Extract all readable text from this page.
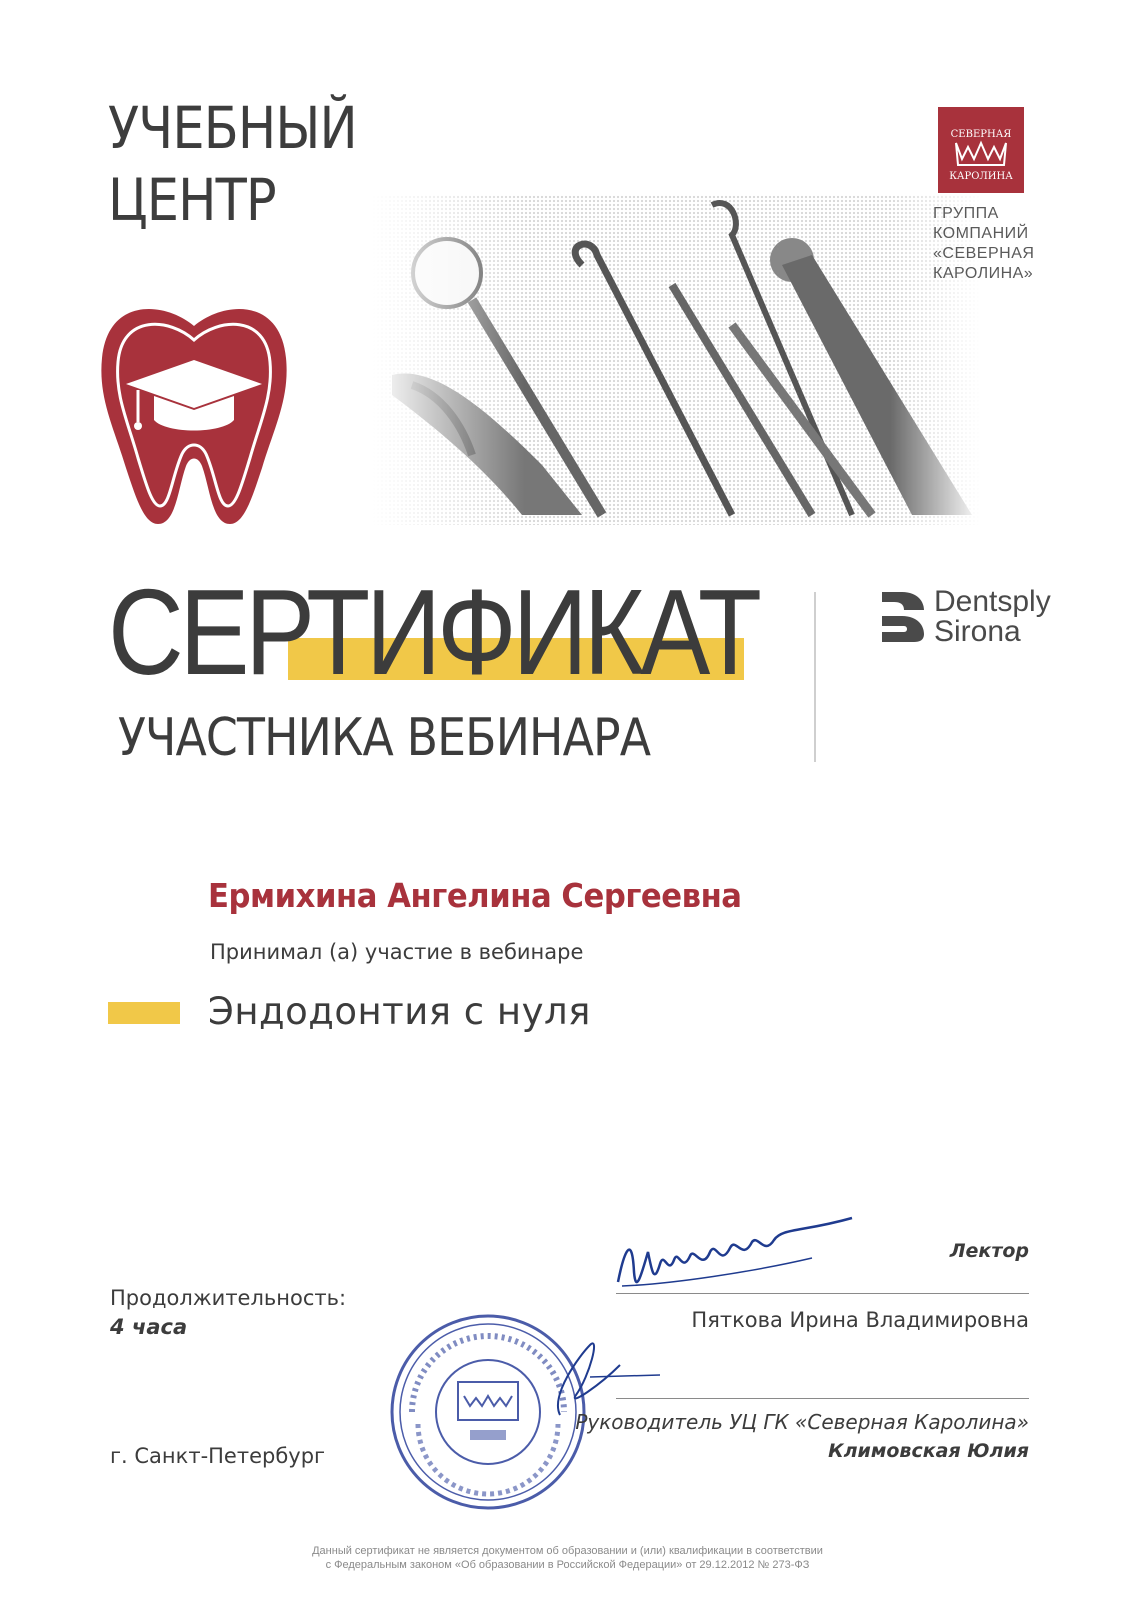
УЧЕБНЫЙ
ЦЕНТР
СЕВЕРНАЯ
КАРОЛИНА
ГРУППА
КОМПАНИЙ
«СЕВЕРНАЯ
КАРОЛИНА»
СЕРТИФИКАТ
УЧАСТНИКА ВЕБИНАРА
Dentsply
Sirona
Ермихина Ангелина Сергеевна
Принимал (а) участие в вебинаре
Эндодонтия с нуля
Продолжительность:
4 часа
г. Санкт-Петербург
Лектор
Пяткова Ирина Владимировна
Руководитель УЦ ГК «Северная Каролина»
Климовская Юлия
Данный сертификат не является документом об образовании и (или) квалификации в соответствии
с Федеральным законом «Об образовании в Российской Федерации» от 29.12.2012 № 273-ФЗ
